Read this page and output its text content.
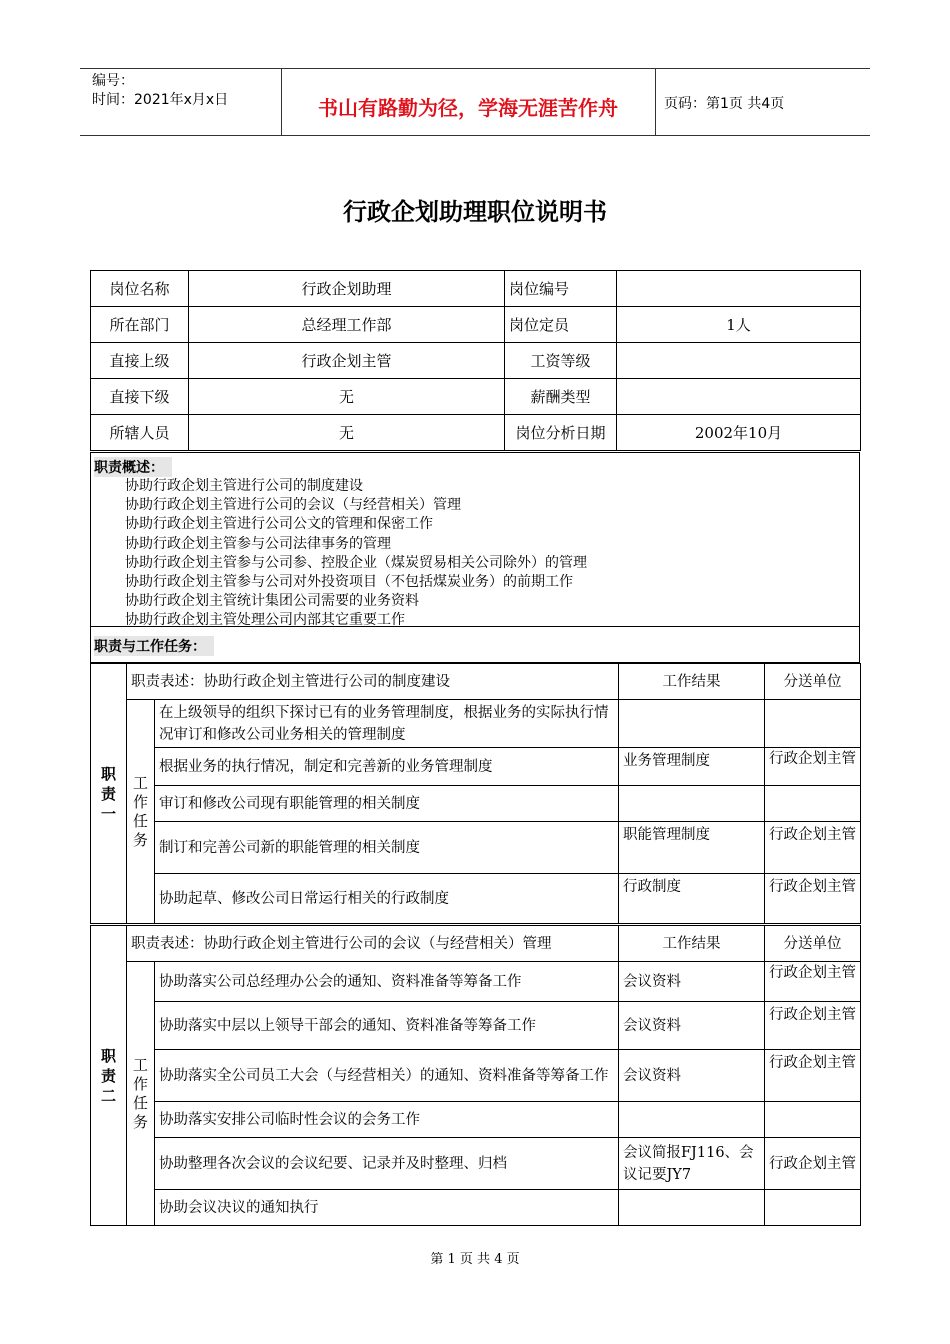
编号：
时间：2021年x月x日	书山有路勤为径，学海无涯苦作舟	页码：第1页 共4页
行政企划助理职位说明书
岗位名称	行政企划助理	岗位编号	
所在部门	总经理工作部	岗位定员	1人
直接上级	行政企划主管	工资等级	
直接下级	无	薪酬类型	
所辖人员	无	岗位分析日期	2002年10月
职责概述：
协助行政企划主管进行公司的制度建设
协助行政企划主管进行公司的会议（与经营相关）管理
协助行政企划主管进行公司公文的管理和保密工作
协助行政企划主管参与公司法律事务的管理
协助行政企划主管参与公司参、控股企业（煤炭贸易相关公司除外）的管理
协助行政企划主管参与公司对外投资项目（不包括煤炭业务）的前期工作
协助行政企划主管统计集团公司需要的业务资料
协助行政企划主管处理公司内部其它重要工作
职责与工作任务：
职责一	职责表述：协助行政企划主管进行公司的制度建设		工作结果	分送单位

	工作任务	在上级领导的组织下探讨已有的业务管理制度，根据业务的实际执行情况审订和修改公司业务相关的管理制度		
		根据业务的执行情况，制定和完善新的业务管理制度	业务管理制度	行政企划主管
		审订和修改公司现有职能管理的相关制度		
		制订和完善公司新的职能管理的相关制度	职能管理制度	行政企划主管
		协助起草、修改公司日常运行相关的行政制度	行政制度	行政企划主管
职责二	职责表述：协助行政企划主管进行公司的会议（与经营相关）管理		工作结果	分送单位

	工作任务	协助落实公司总经理办公会的通知、资料准备等筹备工作	会议资料	行政企划主管
		协助落实中层以上领导干部会的通知、资料准备等筹备工作	会议资料	行政企划主管
		协助落实全公司员工大会（与经营相关）的通知、资料准备等筹备工作	会议资料	行政企划主管
		协助落实安排公司临时性会议的会务工作		
		协助整理各次会议的会议纪要、记录并及时整理、归档	会议简报FJ116、会议记要JY7	行政企划主管
		协助会议决议的通知执行		
第 1 页 共 4 页
